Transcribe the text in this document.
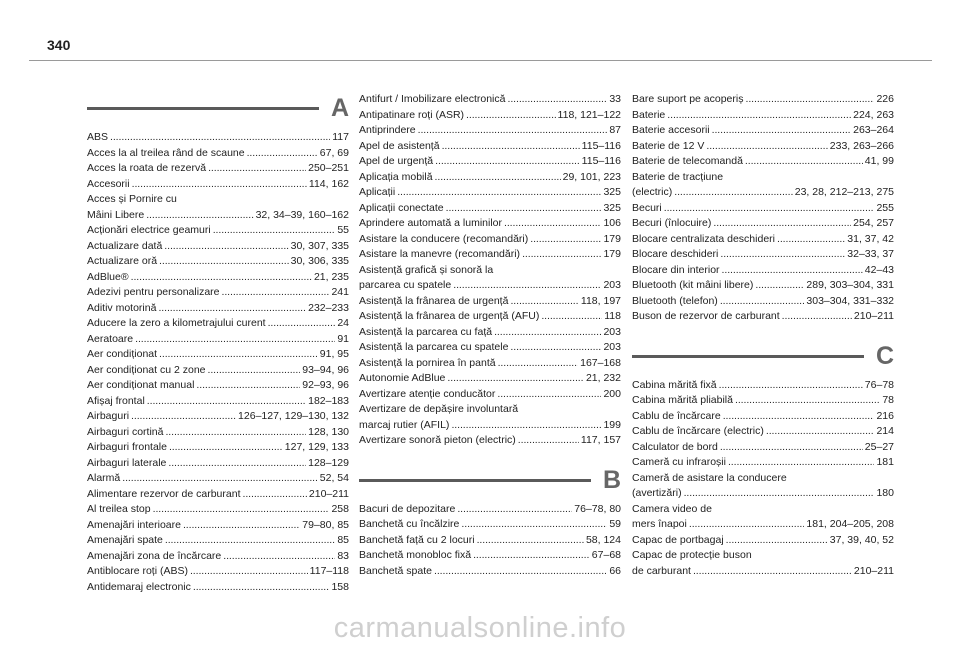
340
A
ABS . . .	117
Acces la al treilea rând de scaune . . .	67, 69
Acces la roata de rezervă . . .	250–251
Accesorii . . .	114, 162
Acces și Pornire cu
Mâini Libere . . .	32, 34–39, 160–162
Acționări electrice geamuri . . .	55
Actualizare dată . . .	30, 307, 335
Actualizare oră . . .	30, 306, 335
AdBlue® . . .	21, 235
Adezivi pentru personalizare . . .	241
Aditiv motorină . . .	232–233
Aducere la zero a kilometrajului curent . . .	24
Aeratoare . . .	91
Aer condiționat . . .	91, 95
Aer condiționat cu 2 zone . . .	93–94, 96
Aer condiționat manual . . .	92–93, 96
Afișaj frontal . . .	182–183
Airbaguri . . .	126–127, 129–130, 132
Airbaguri cortină . . .	128, 130
Airbaguri frontale . . .	127, 129, 133
Airbaguri laterale . . .	128–129
Alarmă . . .	52, 54
Alimentare rezervor de carburant . . .	210–211
Al treilea stop . . .	258
Amenajări interioare . . .	79–80, 85
Amenajări spate . . .	85
Amenajări zona de încărcare . . .	83
Antiblocare roți (ABS) . . .	117–118
Antidemaraj electronic . . .	158
Antifurt / Imobilizare electronică . . .	33
Antipatinare roți (ASR) . . .	118, 121–122
Antiprindere . . .	87
Apel de asistență . . .	115–116
Apel de urgență . . .	115–116
Aplicația mobilă . . .	29, 101, 223
Aplicații . . .	325
Aplicații conectate . . .	325
Aprindere automată a luminilor . . .	106
Asistare la conducere (recomandări) . . .	179
Asistare la manevre (recomandări) . . .	179
Asistență grafică și sonoră la
parcarea cu spatele . . .	203
Asistență la frânarea de urgență . . .	118, 197
Asistență la frânarea de urgență (AFU) . . .	118
Asistență la parcarea cu față . . .	203
Asistență la parcarea cu spatele . . .	203
Asistență la pornirea în pantă . . .	167–168
Autonomie AdBlue . . .	21, 232
Avertizare atenție conducător . . .	200
Avertizare de depășire involuntară
marcaj rutier (AFIL) . . .	199
Avertizare sonoră pieton (electric) . . .	117, 157
B
Bacuri de depozitare . . .	76–78, 80
Banchetă cu încălzire . . .	59
Banchetă față cu 2 locuri . . .	58, 124
Banchetă monobloc fixă . . .	67–68
Banchetă spate . . .	66
Bare suport pe acoperiș . . .	226
Baterie . . .	224, 263
Baterie accesorii . . .	263–264
Baterie de 12 V . . .	233, 263–266
Baterie de telecomandă . . .	41, 99
Baterie de tracțiune
(electric) . . .	23, 28, 212–213, 275
Becuri . . .	255
Becuri (înlocuire) . . .	254, 257
Blocare centralizata deschideri . . .	31, 37, 42
Blocare deschideri . . .	32–33, 37
Blocare din interior . . .	42–43
Bluetooth (kit mâini libere) . . .	289, 303–304, 331
Bluetooth (telefon) . . .	303–304, 331–332
Buson de rezervor de carburant . . .	210–211
C
Cabina mărită fixă . . .	76–78
Cabina mărită pliabilă . . .	78
Cablu de încărcare . . .	216
Cablu de încărcare (electric) . . .	214
Calculator de bord . . .	25–27
Cameră cu infraroșii . . .	181
Cameră de asistare la conducere
(avertizări) . . .	180
Camera video de
mers înapoi . . .	181, 204–205, 208
Capac de portbagaj . . .	37, 39, 40, 52
Capac de protecție buson
de carburant . . .	210–211
carmanualsonline.info
